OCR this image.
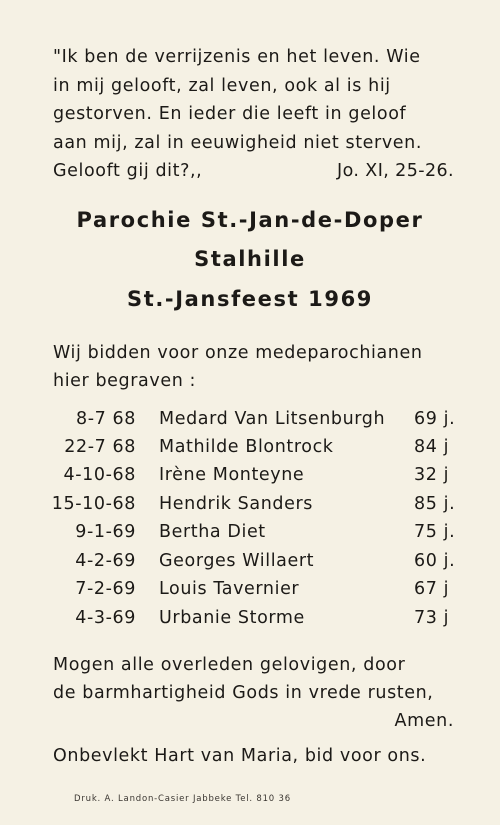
"Ik ben de verrijzenis en het leven. Wie
in mij gelooft, zal leven, ook al is hij
gestorven. En ieder die leeft in geloof
aan mij, zal in eeuwigheid niet sterven.
Gelooft gij dit?,,	Jo. XI, 25-26.
Parochie St.-Jan-de-Doper
Stalhille
St.-Jansfeest 1969
Wij bidden voor onze medeparochianen
hier begraven :
8-7 68 Medard Van Litsenburgh 69 j.
22-7 68 Mathilde Blontrock	84 j
4-10-68 Irène Monteyne	32 j
15-10-68 Hendrik Sanders	85 j.
9-1-69 Bertha Diet	75 j.
4-2-69 Georges Willaert	60 j.
7-2-69 Louis Tavernier	67 j
4-3-69 Urbanie Storme	73 j
Mogen alle overleden gelovigen, door
de barmhartigheid Gods in vrede rusten,
Amen.
Onbevlekt Hart van Maria, bid voor ons.
Druk. A. Landon-Casier Jabbeke Tel. 810 36
